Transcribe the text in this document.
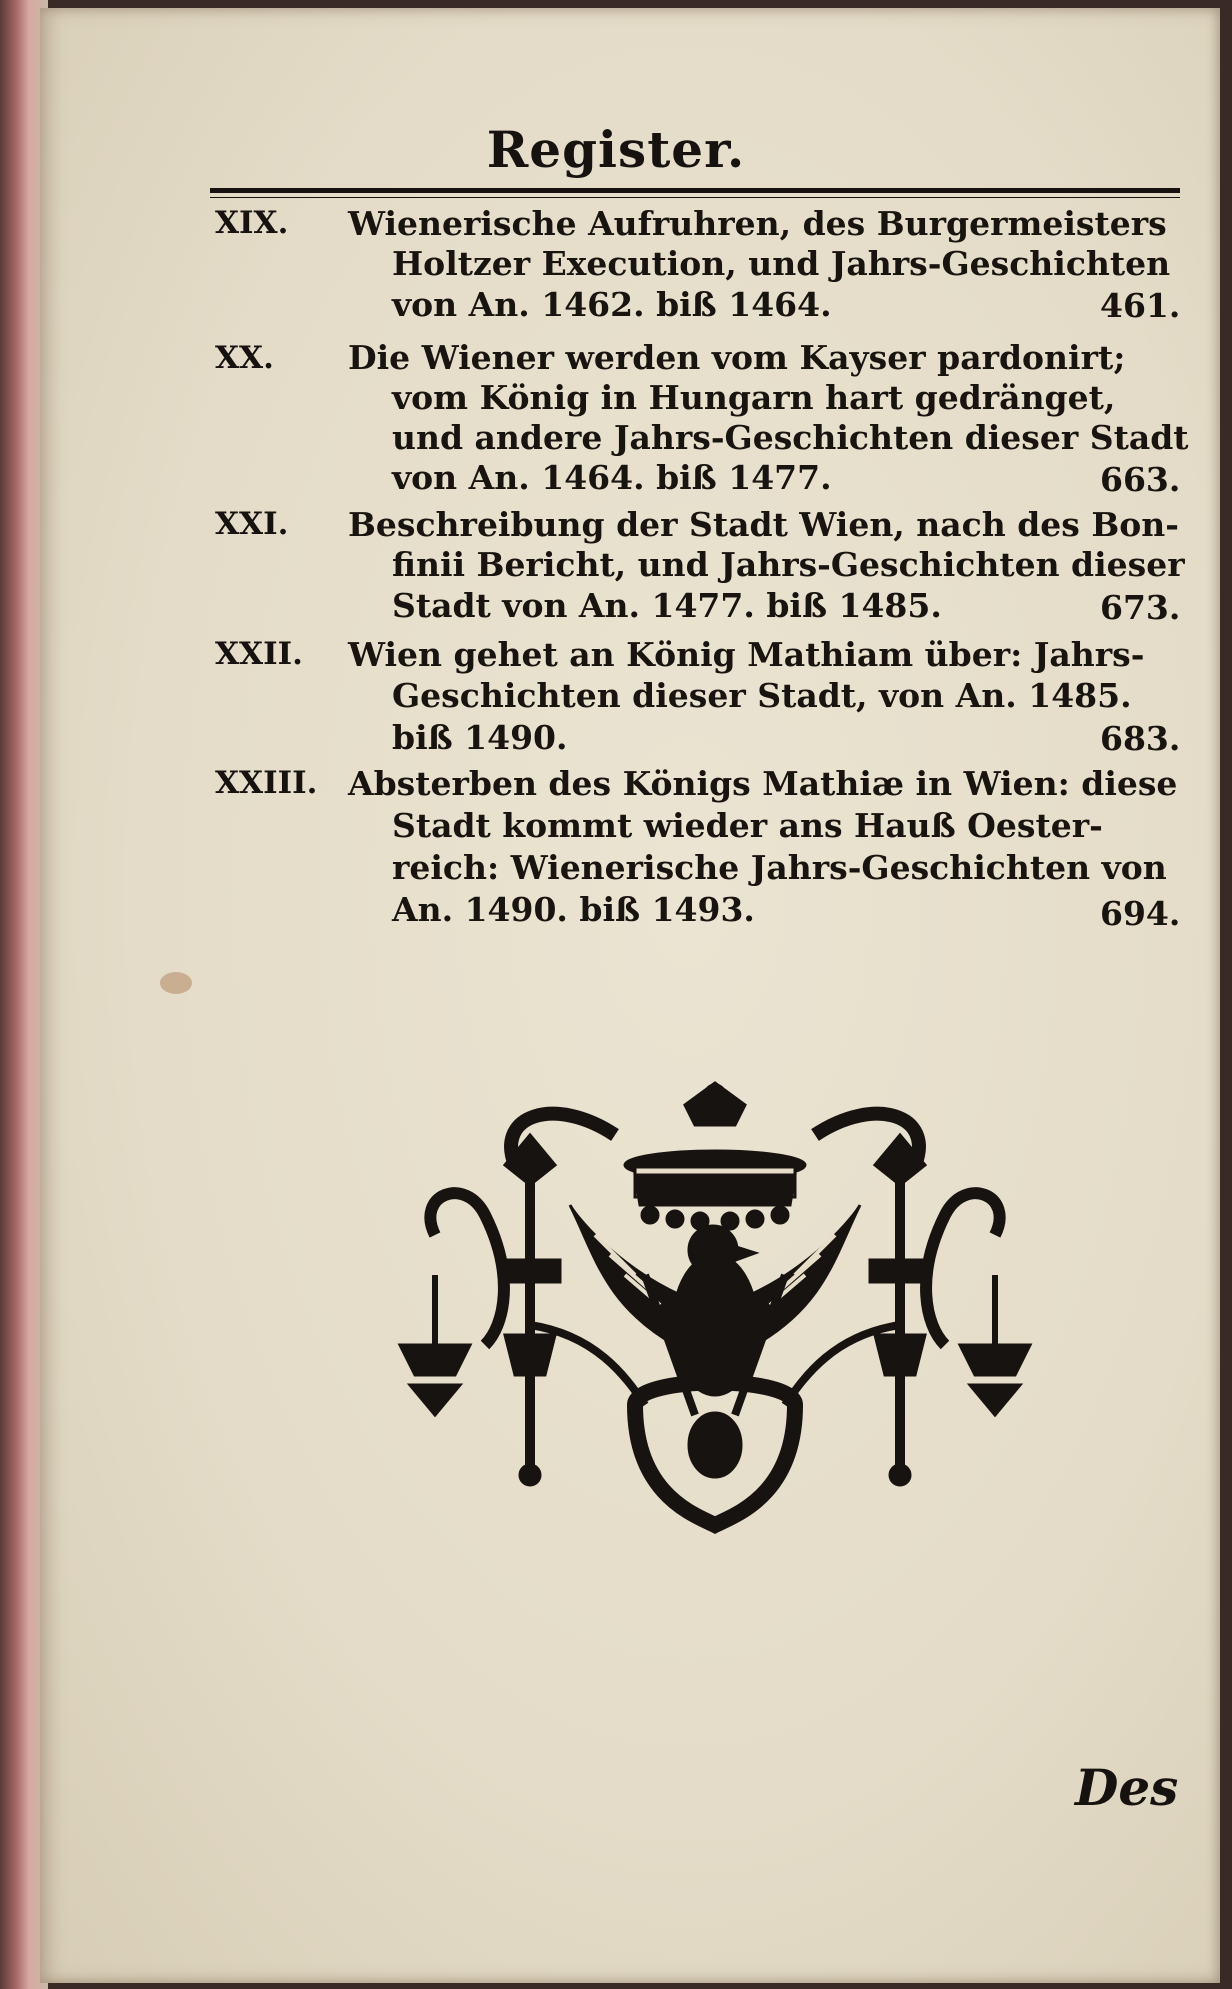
Register.
XIX. Wienerische Aufruhren, des Burgermeisters
Holtzer Execution, und Jahrs-Geschichten
von An. 1462. biß 1464.	461.
XX. Die Wiener werden vom Kayser pardonirt;
vom König in Hungarn hart gedränget,
und andere Jahrs-Geschichten dieser Stadt
von An. 1464. biß 1477.	663.
XXI. Beschreibung der Stadt Wien, nach des Bon-
finii Bericht, und Jahrs-Geschichten dieser
Stadt von An. 1477. biß 1485.	673.
XXII. Wien gehet an König Mathiam über: Jahrs-
Geschichten dieser Stadt, von An. 1485.
biß 1490.	683.
XXIII. Absterben des Königs Mathiæ in Wien: diese
Stadt kommt wieder ans Hauß Oester-
reich: Wienerische Jahrs-Geschichten von
An. 1490. biß 1493.	694.
Des
